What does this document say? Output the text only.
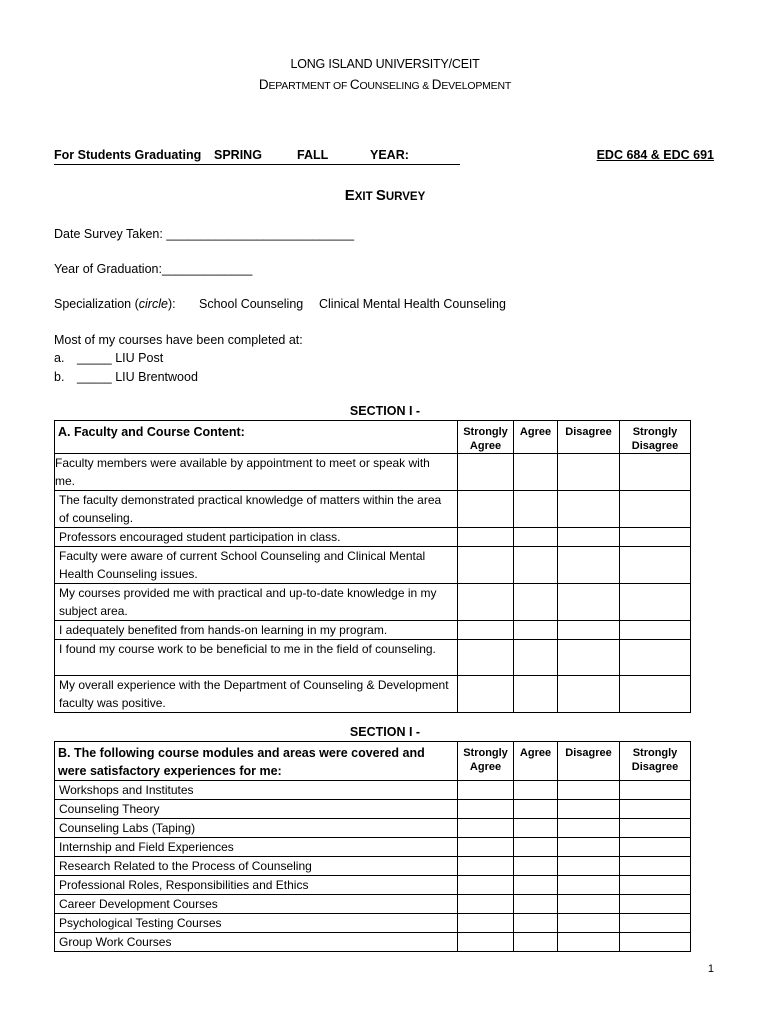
LONG ISLAND UNIVERSITY/CEIT
DEPARTMENT OF COUNSELING & DEVELOPMENT
For Students Graduating SPRING	FALL	YEAR:	EDC 684 & EDC 691
EXIT SURVEY
Date Survey Taken: ___________________________
Year of Graduation:_____________
Specialization (circle): School Counseling Clinical Mental Health Counseling
Most of my courses have been completed at:
a. _____ LIU Post
b. _____ LIU Brentwood
SECTION I -
A. Faculty and Course Content:	Strongly Agree	Agree	Disagree	Strongly Disagree
Faculty members were available by appointment to meet or speak with me.				
The faculty demonstrated practical knowledge of matters within the area of counseling.				
Professors encouraged student participation in class.				
Faculty were aware of current School Counseling and Clinical Mental Health Counseling issues.				
My courses provided me with practical and up-to-date knowledge in my subject area.				
I adequately benefited from hands-on learning in my program.				
I found my course work to be beneficial to me in the field of counseling.				
My overall experience with the Department of Counseling & Development faculty was positive.				
SECTION I -
B. The following course modules and areas were covered and were satisfactory experiences for me:	Strongly Agree	Agree	Disagree	Strongly Disagree
Workshops and Institutes				
Counseling Theory				
Counseling Labs (Taping)				
Internship and Field Experiences				
Research Related to the Process of Counseling				
Professional Roles, Responsibilities and Ethics				
Career Development Courses				
Psychological Testing Courses				
Group Work Courses				
1
